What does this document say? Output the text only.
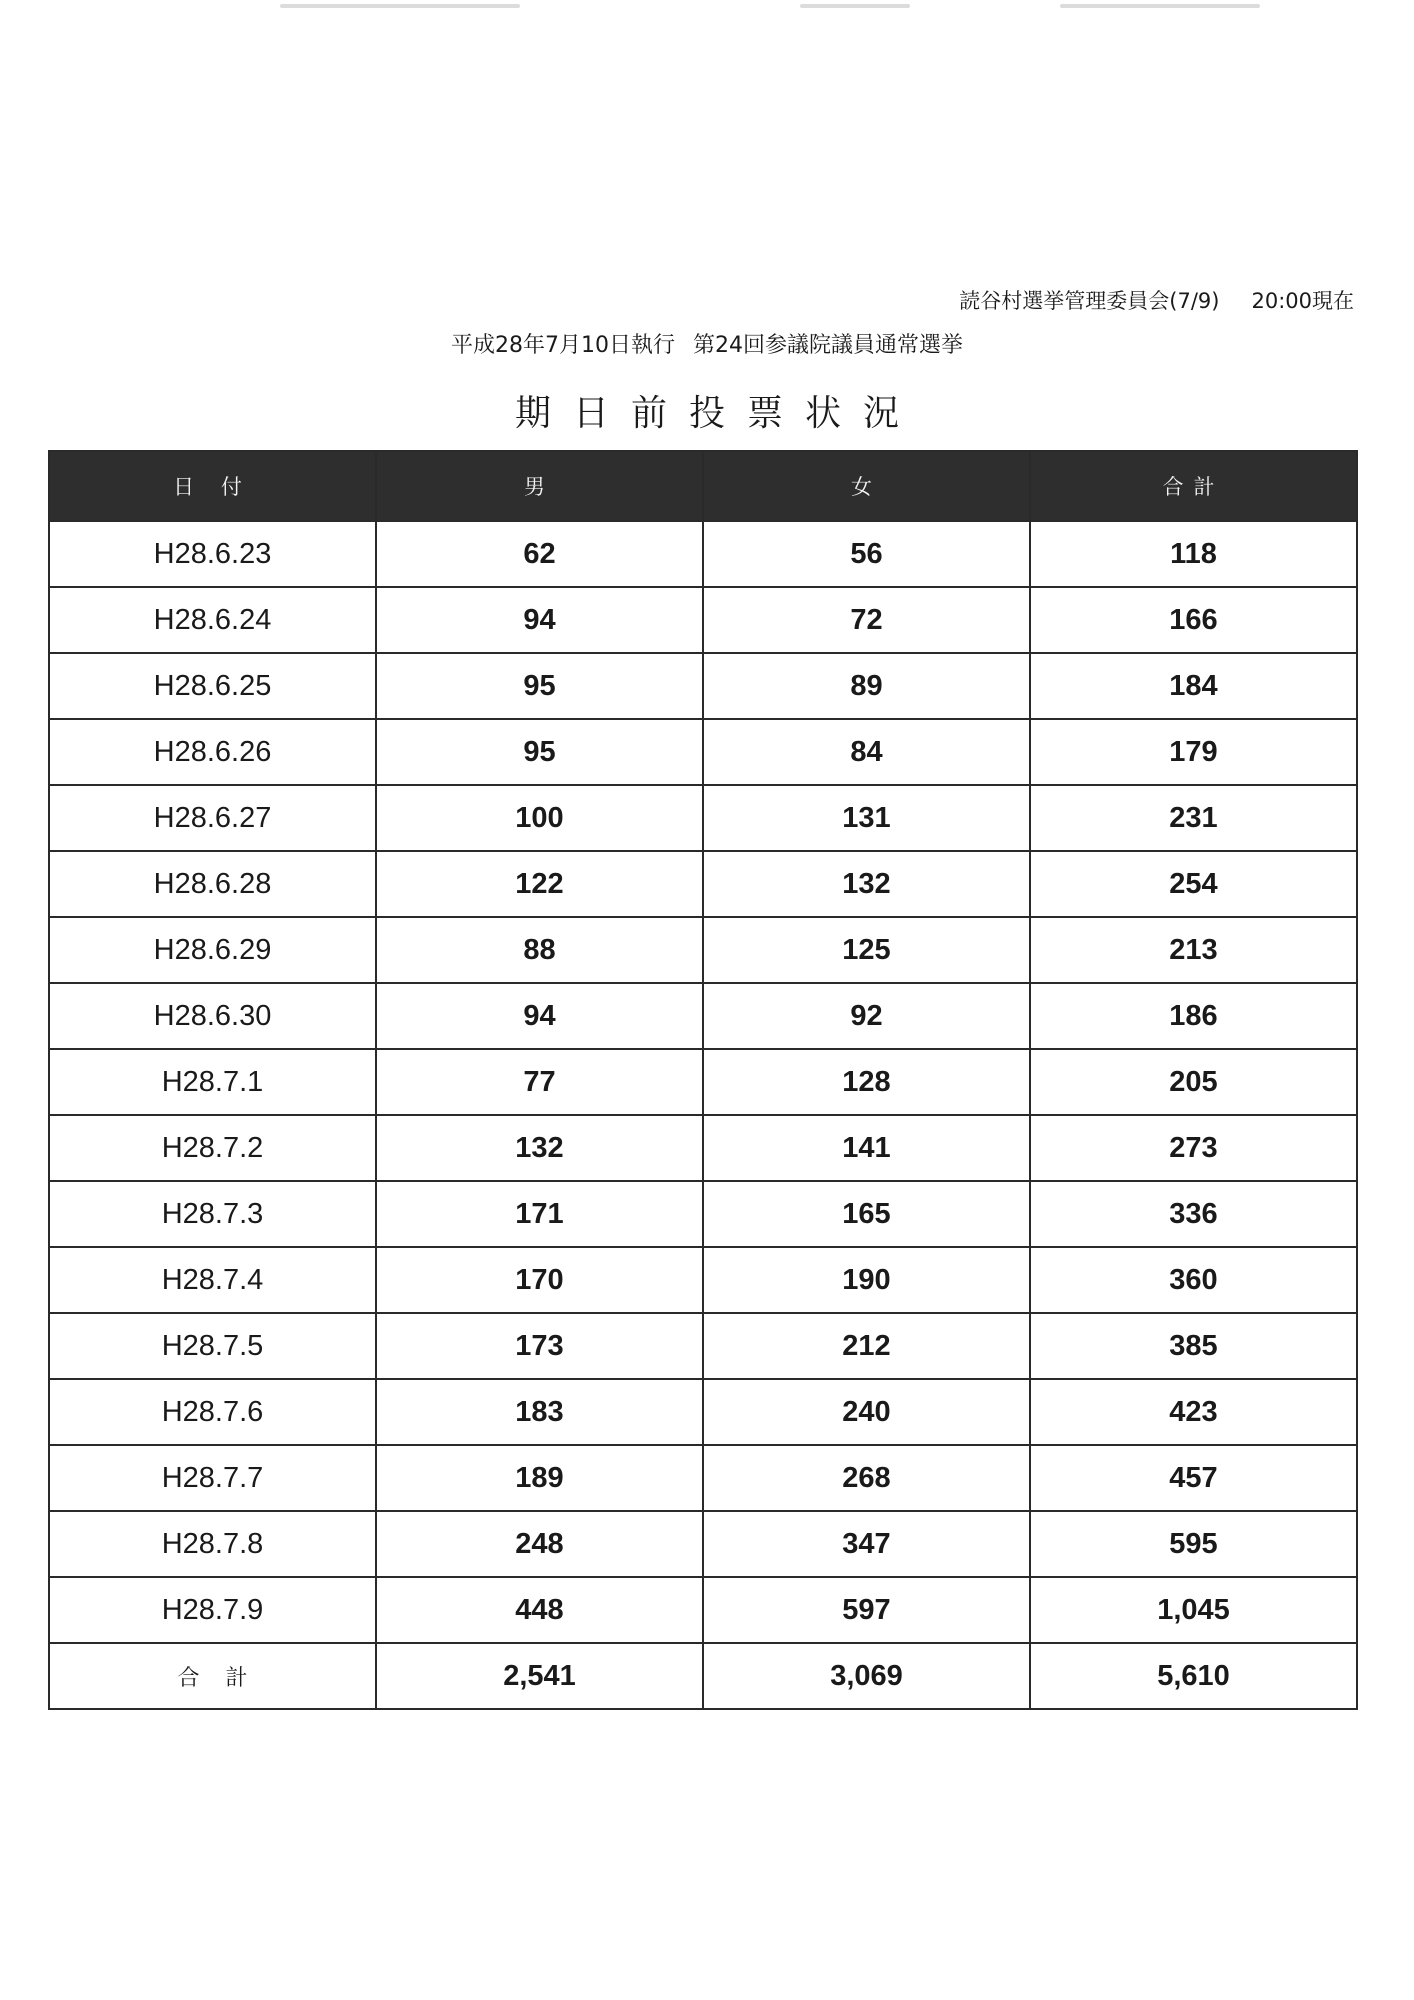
読谷村選挙管理委員会(7/9) 20:00現在
平成28年7月10日執行 第24回参議院議員通常選挙
期日前投票状況
日 付	男	女	合計
H28.6.23	62	56	118
H28.6.24	94	72	166
H28.6.25	95	89	184
H28.6.26	95	84	179
H28.6.27	100	131	231
H28.6.28	122	132	254
H28.6.29	88	125	213
H28.6.30	94	92	186
H28.7.1	77	128	205
H28.7.2	132	141	273
H28.7.3	171	165	336
H28.7.4	170	190	360
H28.7.5	173	212	385
H28.7.6	183	240	423
H28.7.7	189	268	457
H28.7.8	248	347	595
H28.7.9	448	597	1,045
合計	2,541	3,069	5,610
